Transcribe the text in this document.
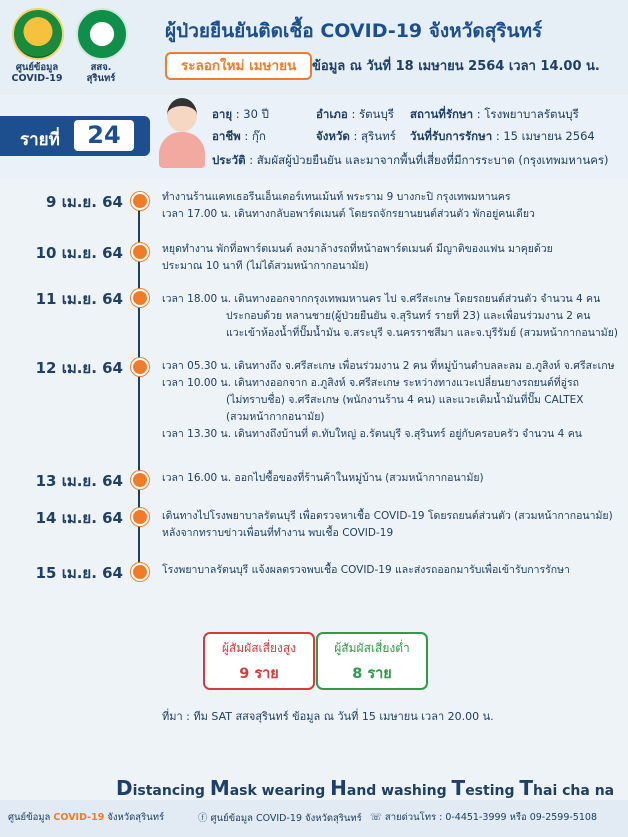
ศูนย์ข้อมูล
COVID-19
สสจ.
สุรินทร์
ผู้ป่วยยืนยันติดเชื้อ COVID-19 จังหวัดสุรินทร์
ระลอกใหม่ เมษายน	ข้อมูล ณ วันที่ 18 เมษายน 2564 เวลา 14.00 น.
รายที่	24
อายุ : 30 ปี
อาชีพ : กุ๊ก
อำเภอ : รัตนบุรี
จังหวัด : สุรินทร์
สถานที่รักษา : โรงพยาบาลรัตนบุรี
วันที่รับการรักษา : 15 เมษายน 2564
ประวัติ : สัมผัสผู้ป่วยยืนยัน และมาจากพื้นที่เสี่ยงที่มีการระบาด (กรุงเทพมหานคร)
9 เม.ย. 64	ทำงานร้านแคทเธอรีนเอ็นเตอร์เทนเม้นท์ พระราม 9 บางกะปิ กรุงเทพมหานคร
เวลา 17.00 น. เดินทางกลับอพาร์ตเมนต์ โดยรถจักรยานยนต์ส่วนตัว พักอยู่คนเดียว
10 เม.ย. 64	หยุดทำงาน พักที่อพาร์ตเมนต์ ลงมาล้างรถที่หน้าอพาร์ตเมนต์ มีญาติของแฟน มาคุยด้วย
ประมาณ 10 นาที (ไม่ได้สวมหน้ากากอนามัย)
11 เม.ย. 64	เวลา 18.00 น. เดินทางออกจากกรุงเทพมหานคร ไป จ.ศรีสะเกษ โดยรถยนต์ส่วนตัว จำนวน 4 คน
ประกอบด้วย หลานชาย(ผู้ป่วยยืนยัน จ.สุรินทร์ รายที่ 23) และเพื่อนร่วมงาน 2 คน
แวะเข้าห้องน้ำที่ปั๊มน้ำมัน จ.สระบุรี จ.นครราชสีมา และจ.บุรีรัมย์ (สวมหน้ากากอนามัย)
12 เม.ย. 64	เวลา 05.30 น. เดินทางถึง จ.ศรีสะเกษ เพื่อนร่วมงาน 2 คน ที่หมู่บ้านตำบลละลม อ.ภูสิงห์ จ.ศรีสะเกษ
เวลา 10.00 น. เดินทางออกจาก อ.ภูสิงห์ จ.ศรีสะเกษ ระหว่างทางแวะเปลี่ยนยางรถยนต์ที่อู่รถ
(ไม่ทราบชื่อ) จ.ศรีสะเกษ (พนักงานร้าน 4 คน) และแวะเติมน้ำมันที่ปั๊ม CALTEX
(สวมหน้ากากอนามัย)
เวลา 13.30 น. เดินทางถึงบ้านที่ ต.ทับใหญ่ อ.รัตนบุรี จ.สุรินทร์ อยู่กับครอบครัว จำนวน 4 คน
13 เม.ย. 64	เวลา 16.00 น. ออกไปซื้อของที่ร้านค้าในหมู่บ้าน (สวมหน้ากากอนามัย)
14 เม.ย. 64	เดินทางไปโรงพยาบาลรัตนบุรี เพื่อตรวจหาเชื้อ COVID-19 โดยรถยนต์ส่วนตัว (สวมหน้ากากอนามัย)
หลังจากทราบข่าวเพื่อนที่ทำงาน พบเชื้อ COVID-19
15 เม.ย. 64	โรงพยาบาลรัตนบุรี แจ้งผลตรวจพบเชื้อ COVID-19 และส่งรถออกมารับเพื่อเข้ารับการรักษา
ผู้สัมผัสเสี่ยงสูง
9 ราย
ผู้สัมผัสเสี่ยงต่ำ
8 ราย
ที่มา : ทีม SAT สสจสุรินทร์ ข้อมูล ณ วันที่ 15 เมษายน เวลา 20.00 น.
Distancing Mask wearing Hand washing Testing Thai cha na
ศูนย์ข้อมูล COVID-19 จังหวัดสุรินทร์	ⓕ ศูนย์ข้อมูล COVID-19 จังหวัดสุรินทร์ ☏ สายด่วนโทร : 0-4451-3999 หรือ 09-2599-5108
